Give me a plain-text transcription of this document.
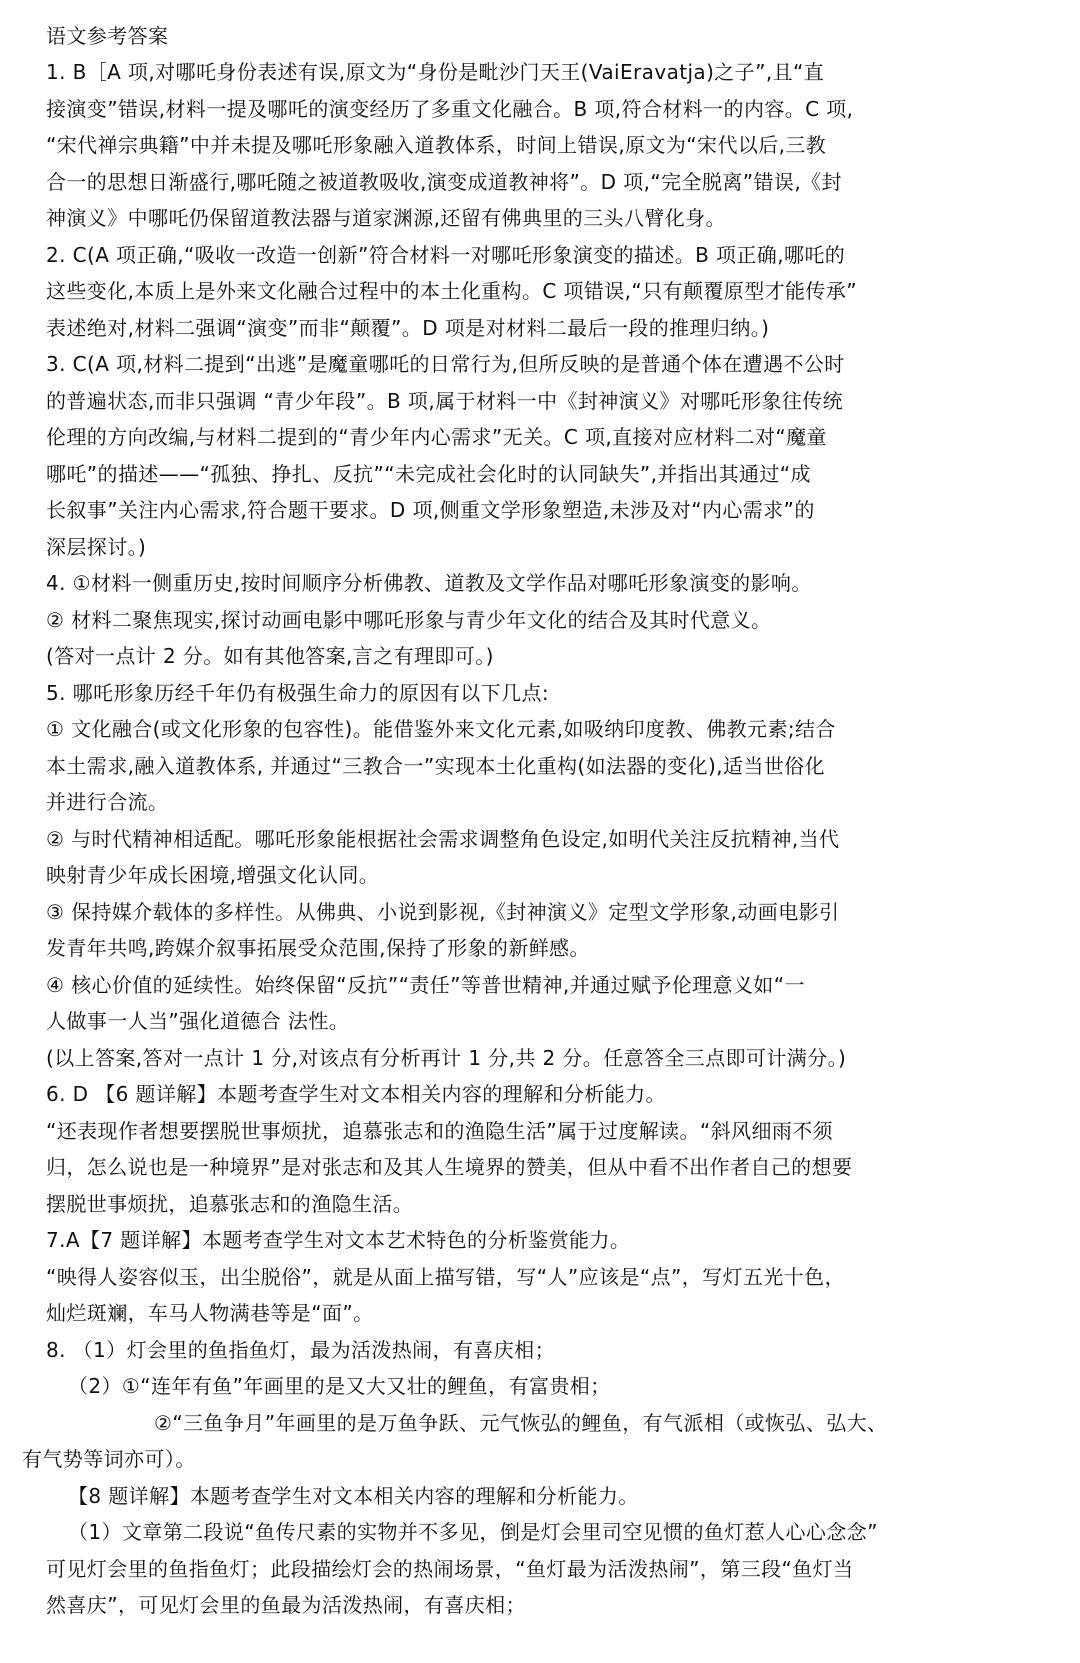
语文参考答案
1. B［A 项,对哪吒身份表述有误,原文为“身份是毗沙门天王(VaiEravatja)之子”,且“直
接演变”错误,材料一提及哪吒的演变经历了多重文化融合。B 项,符合材料一的内容。C 项,
“宋代禅宗典籍”中并未提及哪吒形象融入道教体系，时间上错误,原文为“宋代以后,三教
合一的思想日渐盛行,哪吒随之被道教吸收,演变成道教神将”。D 项,“完全脱离”错误,《封
神演义》中哪吒仍保留道教法器与道家渊源,还留有佛典里的三头八臂化身。
2. C(A 项正确,“吸收一改造一创新”符合材料一对哪吒形象演变的描述。B 项正确,哪吒的
这些变化,本质上是外来文化融合过程中的本土化重构。C 项错误,“只有颠覆原型才能传承”
表述绝对,材料二强调“演变”而非“颠覆”。D 项是对材料二最后一段的推理归纳。)
3. C(A 项,材料二提到“出逃”是魔童哪吒的日常行为,但所反映的是普通个体在遭遇不公时
的普遍状态,而非只强调 “青少年段”。B 项,属于材料一中《封神演义》对哪吒形象往传统
伦理的方向改编,与材料二提到的“青少年内心需求”无关。C 项,直接对应材料二对“魔童
哪吒”的描述——“孤独、挣扎、反抗”“未完成社会化时的认同缺失”,并指出其通过“成
长叙事”关注内心需求,符合题干要求。D 项,侧重文学形象塑造,未涉及对“内心需求”的
深层探讨。)
4. ①材料一侧重历史,按时间顺序分析佛教、道教及文学作品对哪吒形象演变的影响。
② 材料二聚焦现实,探讨动画电影中哪吒形象与青少年文化的结合及其时代意义。
(答对一点计 2 分。如有其他答案,言之有理即可。)
5. 哪吒形象历经千年仍有极强生命力的原因有以下几点:
① 文化融合(或文化形象的包容性)。能借鉴外来文化元素,如吸纳印度教、佛教元素;结合
本土需求,融入道教体系, 并通过“三教合一”实现本土化重构(如法器的变化),适当世俗化
并进行合流。
② 与时代精神相适配。哪吒形象能根据社会需求调整角色设定,如明代关注反抗精神,当代
映射青少年成长困境,增强文化认同。
③ 保持媒介载体的多样性。从佛典、小说到影视,《封神演义》定型文学形象,动画电影引
发青年共鸣,跨媒介叙事拓展受众范围,保持了形象的新鲜感。
④ 核心价值的延续性。始终保留“反抗”“责任”等普世精神,并通过赋予伦理意义如“一
人做事一人当”强化道德合 法性。
(以上答案,答对一点计 1 分,对该点有分析再计 1 分,共 2 分。任意答全三点即可计满分。)
6. D 【6 题详解】本题考查学生对文本相关内容的理解和分析能力。
“还表现作者想要摆脱世事烦扰，追慕张志和的渔隐生活”属于过度解读。“斜风细雨不须
归，怎么说也是一种境界”是对张志和及其人生境界的赞美，但从中看不出作者自己的想要
摆脱世事烦扰，追慕张志和的渔隐生活。
7.A【7 题详解】本题考查学生对文本艺术特色的分析鉴赏能力。
“映得人姿容似玉，出尘脱俗”，就是从面上描写错，写“人”应该是“点”，写灯五光十色，
灿烂斑斓，车马人物满巷等是“面”。
8. （1）灯会里的鱼指鱼灯，最为活泼热闹，有喜庆相；
（2）①“连年有鱼”年画里的是又大又壮的鲤鱼，有富贵相；
②“三鱼争月”年画里的是万鱼争跃、元气恢弘的鲤鱼，有气派相（或恢弘、弘大、
有气势等词亦可）。
【8 题详解】本题考查学生对文本相关内容的理解和分析能力。
（1）文章第二段说“鱼传尺素的实物并不多见，倒是灯会里司空见惯的鱼灯惹人心心念念”
可见灯会里的鱼指鱼灯；此段描绘灯会的热闹场景，“鱼灯最为活泼热闹”，第三段“鱼灯当
然喜庆”，可见灯会里的鱼最为活泼热闹，有喜庆相；
